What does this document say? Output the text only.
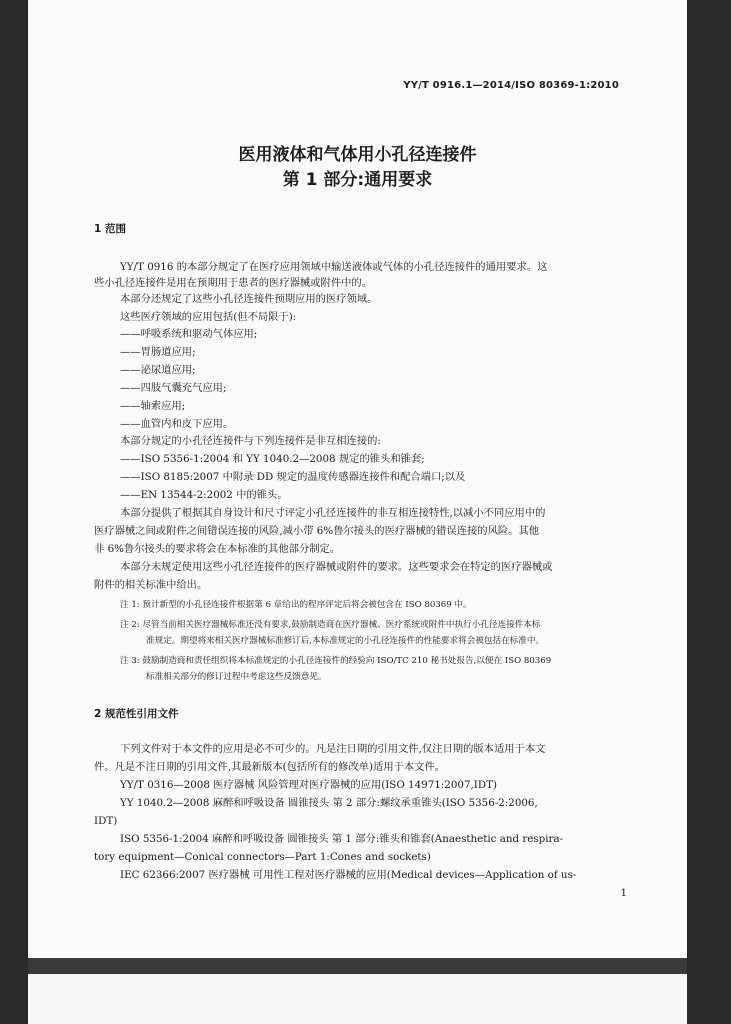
YY/T 0916.1—2014/ISO 80369-1:2010
医用液体和气体用小孔径连接件
第 1 部分:通用要求
1 范围
YY/T 0916 的本部分规定了在医疗应用领域中输送液体或气体的小孔径连接件的通用要求。这
些小孔径连接件是用在预期用于患者的医疗器械或附件中的。
本部分还规定了这些小孔径连接件预期应用的医疗领域。
这些医疗领域的应用包括(但不局限于):
——呼吸系统和驱动气体应用;
——胃肠道应用;
——泌尿道应用;
——四肢气囊充气应用;
——轴索应用;
——血管内和皮下应用。
本部分规定的小孔径连接件与下列连接件是非互相连接的:
——ISO 5356-1:2004 和 YY 1040.2—2008 规定的锥头和锥套;
——ISO 8185:2007 中附录 DD 规定的温度传感器连接件和配合端口;以及
——EN 13544-2:2002 中的锥头。
本部分提供了根据其自身设计和尺寸评定小孔径连接件的非互相连接特性,以减小不同应用中的
医疗器械之间或附件之间错误连接的风险,减小带 6%鲁尔接头的医疗器械的错误连接的风险。其他
非 6%鲁尔接头的要求将会在本标准的其他部分制定。
本部分未规定使用这些小孔径连接件的医疗器械或附件的要求。这些要求会在特定的医疗器械或
附件的相关标准中给出。
注 1: 预计新型的小孔径连接件根据第 6 章给出的程序评定后将会被包含在 ISO 80369 中。
注 2: 尽管当前相关医疗器械标准还没有要求,鼓励制造商在医疗器械、医疗系统或附件中执行小孔径连接件本标
准规定。期望将来相关医疗器械标准修订后,本标准规定的小孔径连接件的性能要求将会被包括在标准中。
注 3: 鼓励制造商和责任组织将本标准规定的小孔径连接件的经验向 ISO/TC 210 秘书处报告,以便在 ISO 80369
标准相关部分的修订过程中考虑这些反馈意见。
2 规范性引用文件
下列文件对于本文件的应用是必不可少的。凡是注日期的引用文件,仅注日期的版本适用于本文
件。凡是不注日期的引用文件,其最新版本(包括所有的修改单)适用于本文件。
YY/T 0316—2008 医疗器械 风险管理对医疗器械的应用(ISO 14971:2007,IDT)
YY 1040.2—2008 麻醉和呼吸设备 圆锥接头 第 2 部分:螺纹承重锥头(ISO 5356-2:2006,
IDT)
ISO 5356-1:2004 麻醉和呼吸设备 圆锥接头 第 1 部分:锥头和锥套(Anaesthetic and respira-
tory equipment—Conical connectors—Part 1:Cones and sockets)
IEC 62366:2007 医疗器械 可用性工程对医疗器械的应用(Medical devices—Application of us-
1
